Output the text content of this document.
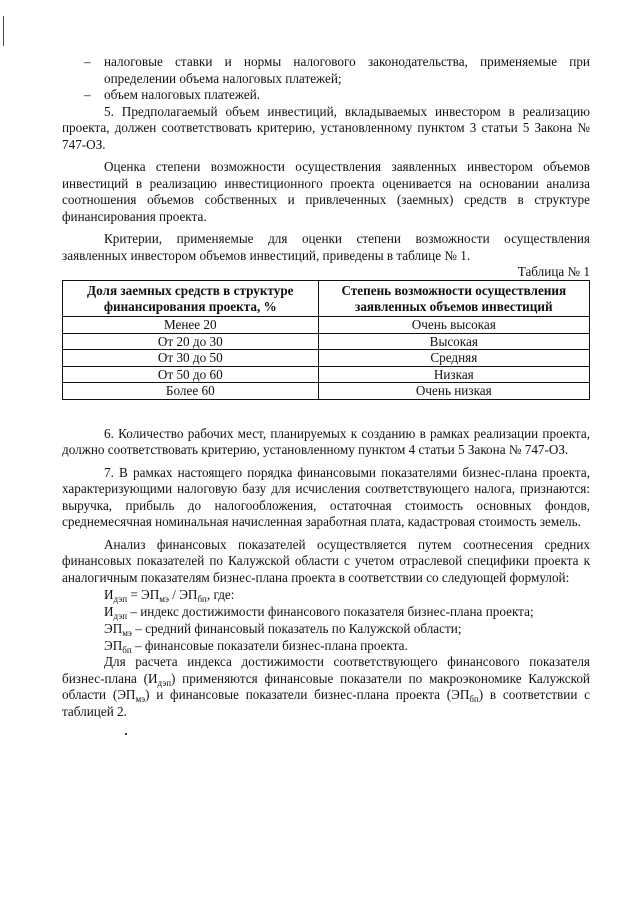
– налоговые ставки и нормы налогового законодательства, применяемые при определении объема налоговых платежей;

– объем налоговых платежей.

5. Предполагаемый объем инвестиций, вкладываемых инвестором в реализацию проекта, должен соответствовать критерию, установленному пунктом 3 статьи 5 Закона № 747-ОЗ.

Оценка степени возможности осуществления заявленных инвестором объемов инвестиций в реализацию инвестиционного проекта оценивается на основании анализа соотношения объемов собственных и привлеченных (заемных) средств в структуре финансирования проекта.

Критерии, применяемые для оценки степени возможности осуществления заявленных инвестором объемов инвестиций, приведены в таблице № 1.

Таблица № 1

Доля заемных средств в структуре финансирования проекта, %	Степень возможности осуществления заявленных объемов инвестиций
Менее 20	Очень высокая
От 20 до 30	Высокая
От 30 до 50	Средняя
От 50 до 60	Низкая
Более 60	Очень низкая

6. Количество рабочих мест, планируемых к созданию в рамках реализации проекта, должно соответствовать критерию, установленному пунктом 4 статьи 5 Закона № 747-ОЗ.

7. В рамках настоящего порядка финансовыми показателями бизнес-плана проекта, характеризующими налоговую базу для исчисления соответствующего налога, признаются: выручка, прибыль до налогообложения, остаточная стоимость основных фондов, среднемесячная номинальная начисленная заработная плата, кадастровая стоимость земель.

Анализ финансовых показателей осуществляется путем соотнесения средних финансовых показателей по Калужской области с учетом отраслевой специфики проекта к аналогичным показателям бизнес-плана проекта в соответствии со следующей формулой:

$И_{дэп} = ЭП_{мэ} / ЭП_{бп}$, где:

$И_{дэп}$ – индекс достижимости финансового показателя бизнес-плана проекта;

$ЭП_{мэ}$ – средний финансовый показатель по Калужской области;

$ЭП_{бп}$ – финансовые показатели бизнес-плана проекта.

Для расчета индекса достижимости соответствующего финансового показателя бизнес-плана $(И_{дэп})$ применяются финансовые показатели по макроэкономике Калужской области $(ЭП_{мэ})$ и финансовые показатели бизнес-плана проекта $(ЭП_{бп})$ в соответствии с таблицей 2.
